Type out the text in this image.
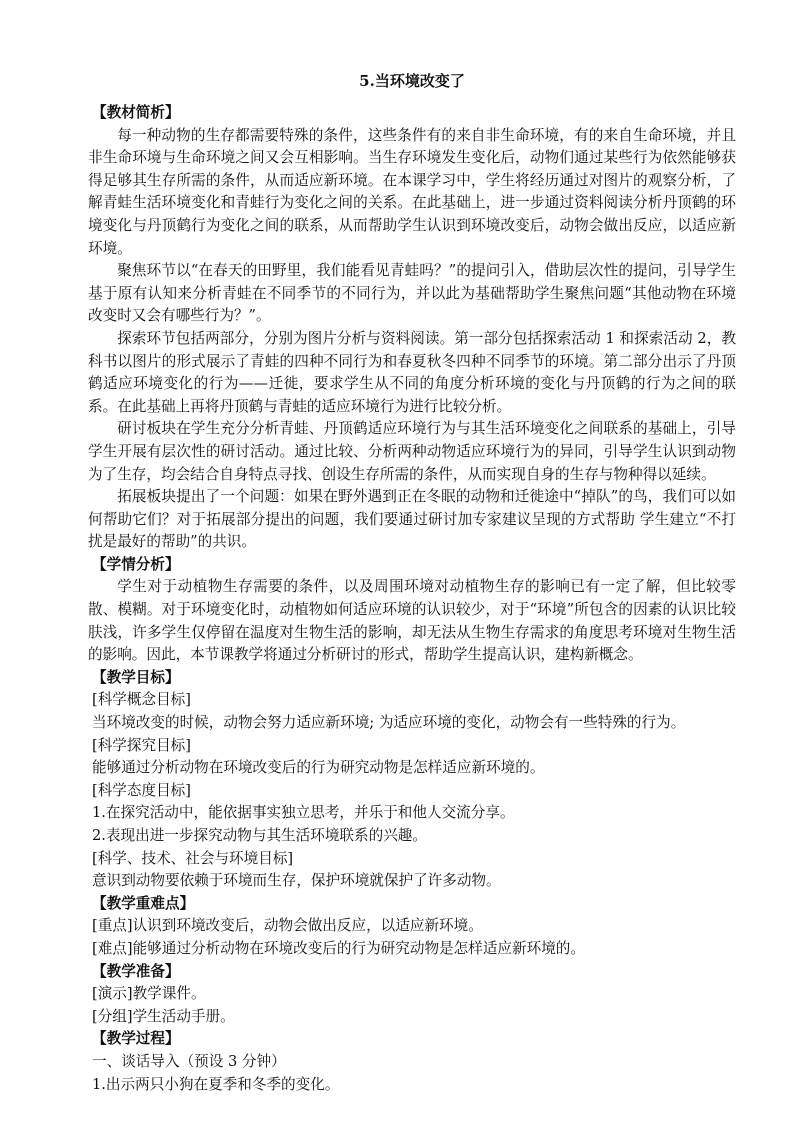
5.当环境改变了

【教材简析】

每一种动物的生存都需要特殊的条件，这些条件有的来自非生命环境，有的来自生命环境，并且非生命环境与生命环境之间又会互相影响。当生存环境发生变化后，动物们通过某些行为依然能够获得足够其生存所需的条件，从而适应新环境。在本课学习中，学生将经历通过对图片的观察分析，了解青蛙生活环境变化和青蛙行为变化之间的关系。在此基础上，进一步通过资料阅读分析丹顶鹤的环境变化与丹顶鹤行为变化之间的联系，从而帮助学生认识到环境改变后，动物会做出反应，以适应新环境。

聚焦环节以“在春天的田野里，我们能看见青蛙吗？”的提问引入，借助层次性的提问，引导学生基于原有认知来分析青蛙在不同季节的不同行为，并以此为基础帮助学生聚焦问题“其他动物在环境改变时又会有哪些行为？”。

探索环节包括两部分，分别为图片分析与资料阅读。第一部分包括探索活动 1 和探索活动 2，教科书以图片的形式展示了青蛙的四种不同行为和春夏秋冬四种不同季节的环境。第二部分出示了丹顶鹤适应环境变化的行为——迁徙，要求学生从不同的角度分析环境的变化与丹顶鹤的行为之间的联系。在此基础上再将丹顶鹤与青蛙的适应环境行为进行比较分析。

研讨板块在学生充分分析青蛙、丹顶鹤适应环境行为与其生活环境变化之间联系的基础上，引导学生开展有层次性的研讨活动。通过比较、分析两种动物适应环境行为的异同，引导学生认识到动物为了生存，均会结合自身特点寻找、创设生存所需的条件，从而实现自身的生存与物种得以延续。

拓展板块提出了一个问题：如果在野外遇到正在冬眠的动物和迁徙途中“掉队”的鸟，我们可以如何帮助它们？对于拓展部分提出的问题，我们要通过研讨加专家建议呈现的方式帮助 学生建立“不打扰是最好的帮助”的共识。

【学情分析】

学生对于动植物生存需要的条件，以及周围环境对动植物生存的影响已有一定了解，但比较零散、模糊。对于环境变化时，动植物如何适应环境的认识较少，对于“环境”所包含的因素的认识比较肤浅，许多学生仅停留在温度对生物生活的影响，却无法从生物生存需求的角度思考环境对生物生活的影响。因此，本节课教学将通过分析研讨的形式，帮助学生提高认识，建构新概念。

【教学目标】

[科学概念目标]

当环境改变的时候，动物会努力适应新环境; 为适应环境的变化，动物会有一些特殊的行为。

[科学探究目标]

能够通过分析动物在环境改变后的行为研究动物是怎样适应新环境的。

[科学态度目标]

1.在探究活动中，能依据事实独立思考，并乐于和他人交流分享。

2.表现出进一步探究动物与其生活环境联系的兴趣。

[科学、技术、社会与环境目标]

意识到动物要依赖于环境而生存，保护环境就保护了许多动物。

【教学重难点】

[重点]认识到环境改变后，动物会做出反应，以适应新环境。

[难点]能够通过分析动物在环境改变后的行为研究动物是怎样适应新环境的。

【教学准备】

[演示]教学课件。

[分组]学生活动手册。

【教学过程】

一、谈话导入（预设 3 分钟）

1.出示两只小狗在夏季和冬季的变化。
